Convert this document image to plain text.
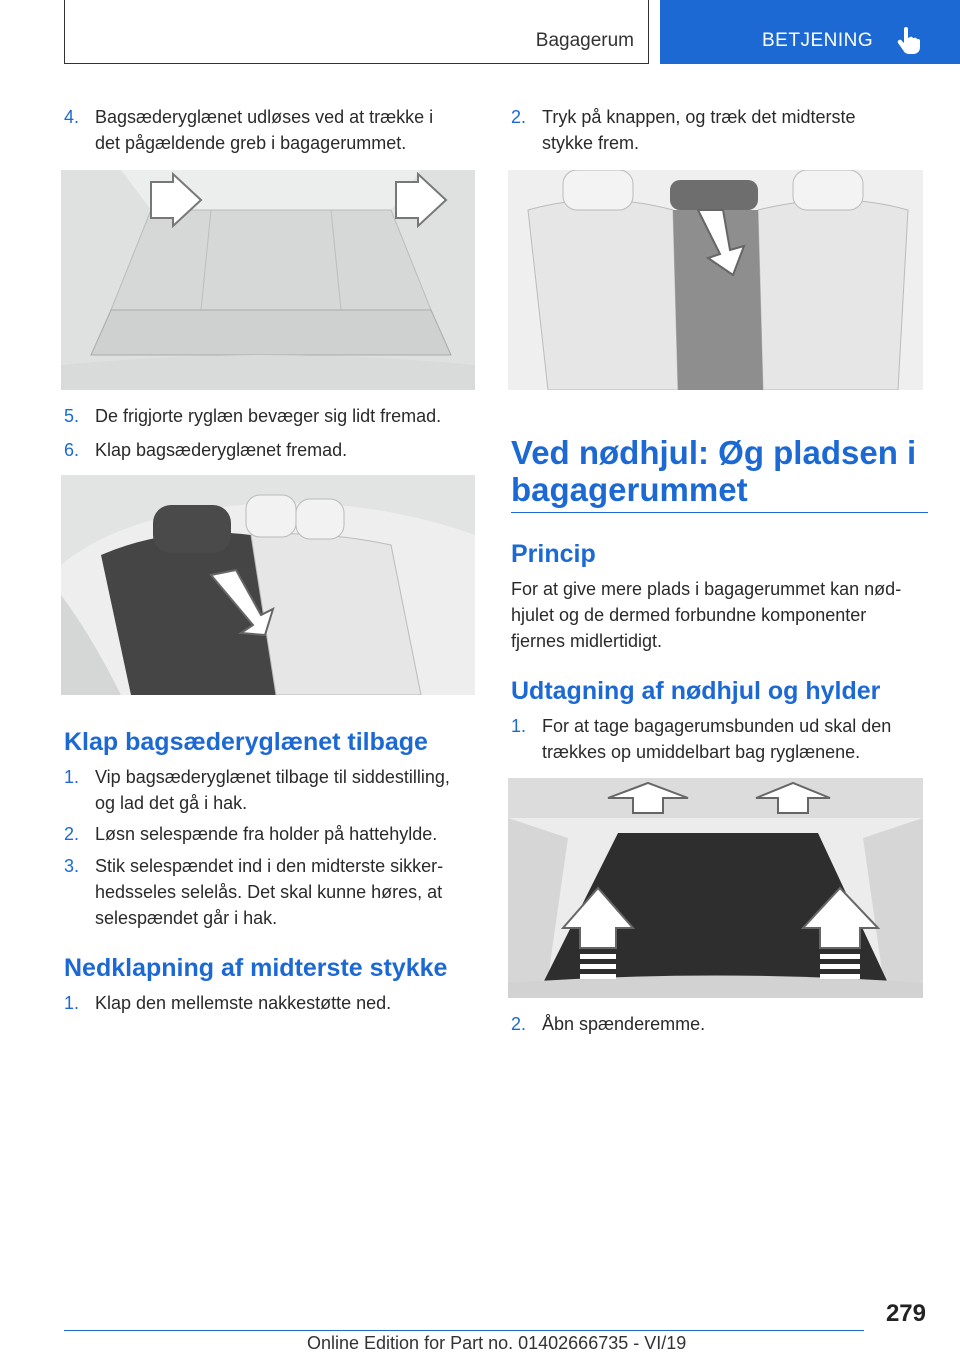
Bagagerum	BETJENING
4. Bagsæderyglænet udløses ved at trække i
det pågældende greb i bagagerummet.
5. De frigjorte ryglæn bevæger sig lidt fremad.
6. Klap bagsæderyglænet fremad.
Klap bagsæderyglænet tilbage
1. Vip bagsæderyglænet tilbage til siddestilling,
og lad det gå i hak.
2. Løsn selespænde fra holder på hattehylde.
3. Stik selespændet ind i den midterste sikker‐
hedsseles selelås. Det skal kunne høres, at
selespændet går i hak.
Nedklapning af midterste stykke
1. Klap den mellemste nakkestøtte ned.
2. Tryk på knappen, og træk det midterste
stykke frem.
Ved nødhjul: Øg pladsen i
bagagerummet
Princip
For at give mere plads i bagagerummet kan nød‐
hjulet og de dermed forbundne komponenter
fjernes midlertidigt.
Udtagning af nødhjul og hylder
1. For at tage bagagerumsbunden ud skal den
trækkes op umiddelbart bag ryglænene.
2. Åbn spænderemme.
279
Online Edition for Part no. 01402666735 - VI/19
